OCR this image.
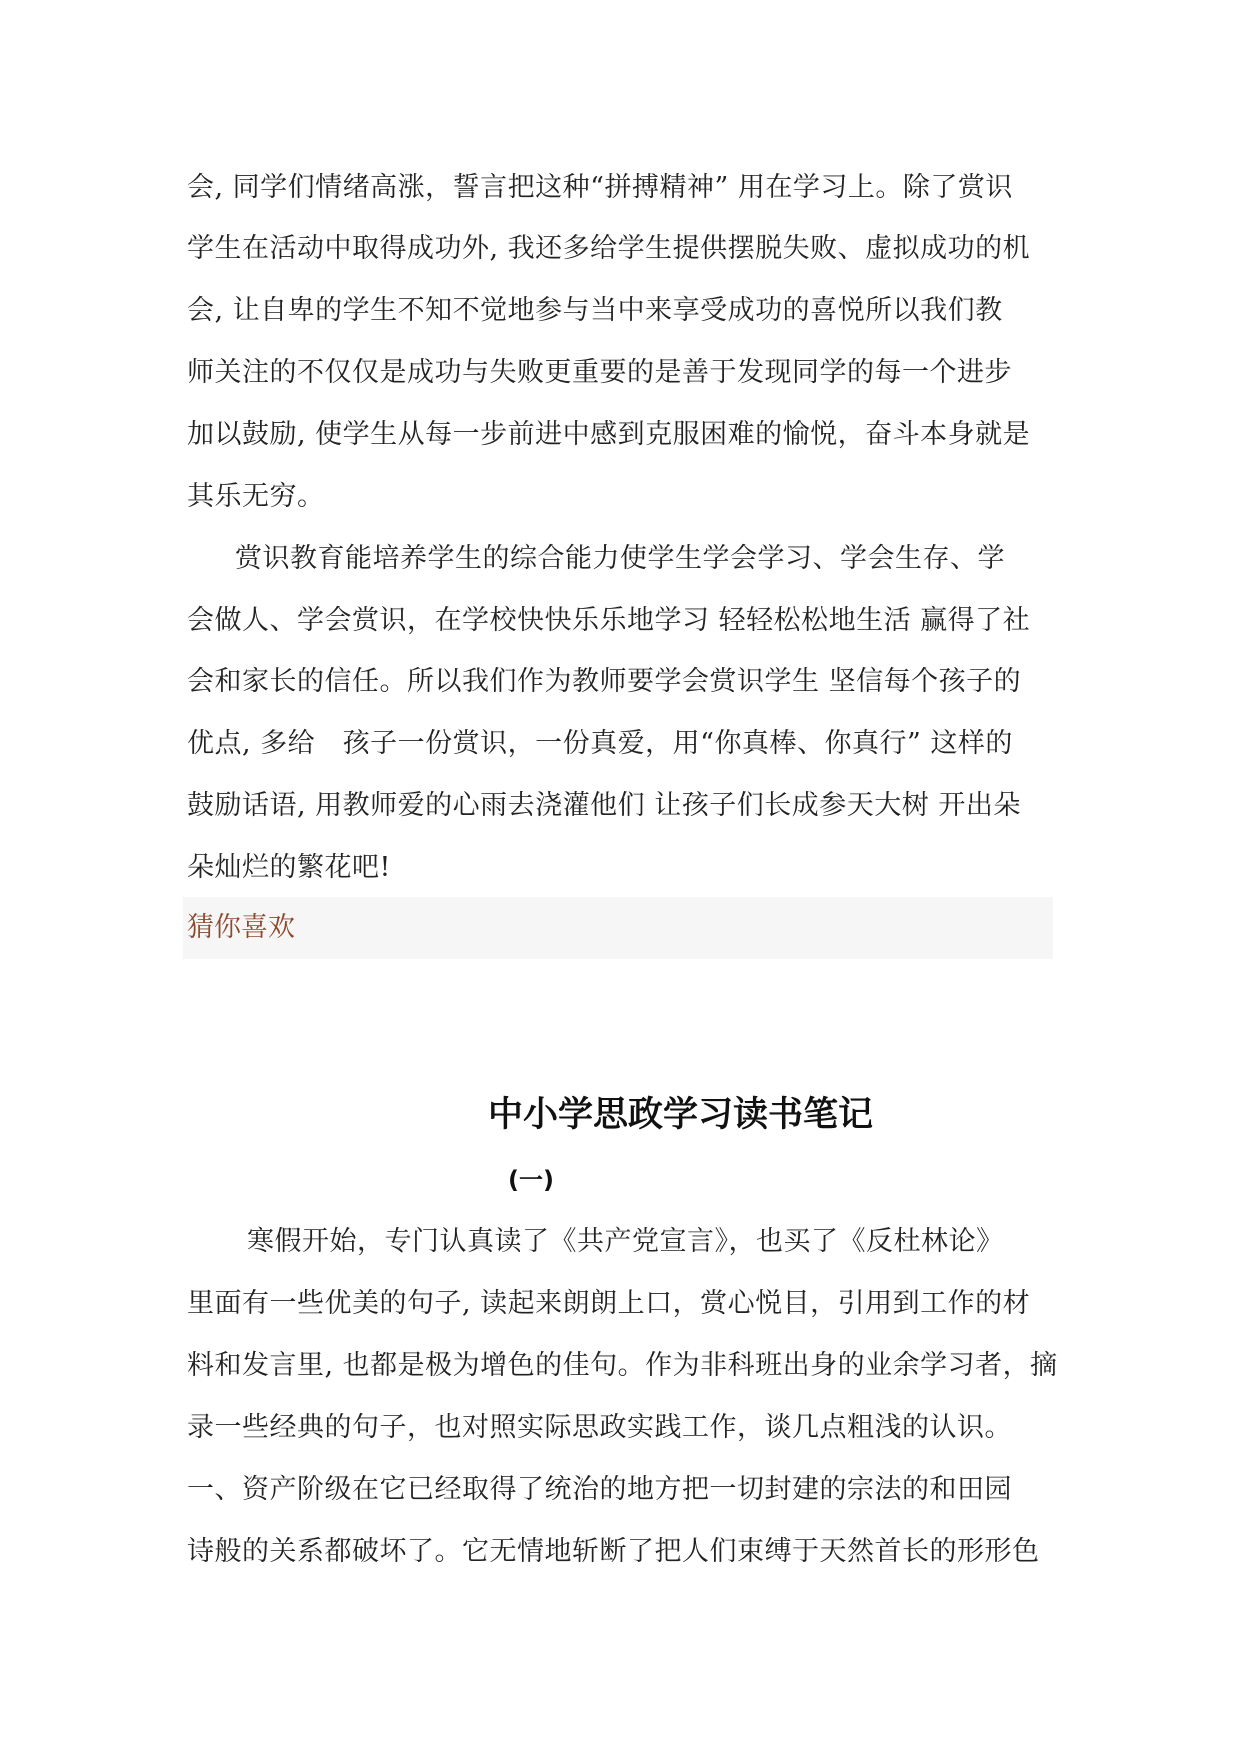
会, 同学们情绪高涨，誓言把这种“拼搏精神” 用在学习上。除了赏识
学生在活动中取得成功外, 我还多给学生提供摆脱失败、虚拟成功的机
会, 让自卑的学生不知不觉地参与当中来享受成功的喜悦所以我们教
师关注的不仅仅是成功与失败更重要的是善于发现同学的每一个进步
加以鼓励, 使学生从每一步前进中感到克服困难的愉悦，奋斗本身就是
其乐无穷。
赏识教育能培养学生的综合能力使学生学会学习、学会生存、学
会做人、学会赏识，在学校快快乐乐地学习 轻轻松松地生活 赢得了社
会和家长的信任。所以我们作为教师要学会赏识学生 坚信每个孩子的
优点, 多给　孩子一份赏识，一份真爱，用“你真棒、你真行” 这样的
鼓励话语, 用教师爱的心雨去浇灌他们 让孩子们长成参天大树 开出朵
朵灿烂的繁花吧!
猜你喜欢
中小学思政学习读书笔记
(一)
寒假开始，专门认真读了《共产党宣言》，也买了《反杜林论》
里面有一些优美的句子, 读起来朗朗上口，赏心悦目，引用到工作的材
料和发言里, 也都是极为增色的佳句。作为非科班出身的业余学习者，摘
录一些经典的句子，也对照实际思政实践工作，谈几点粗浅的认识。
一、资产阶级在它已经取得了统治的地方把一切封建的宗法的和田园
诗般的关系都破坏了。它无情地斩断了把人们束缚于天然首长的形形色
